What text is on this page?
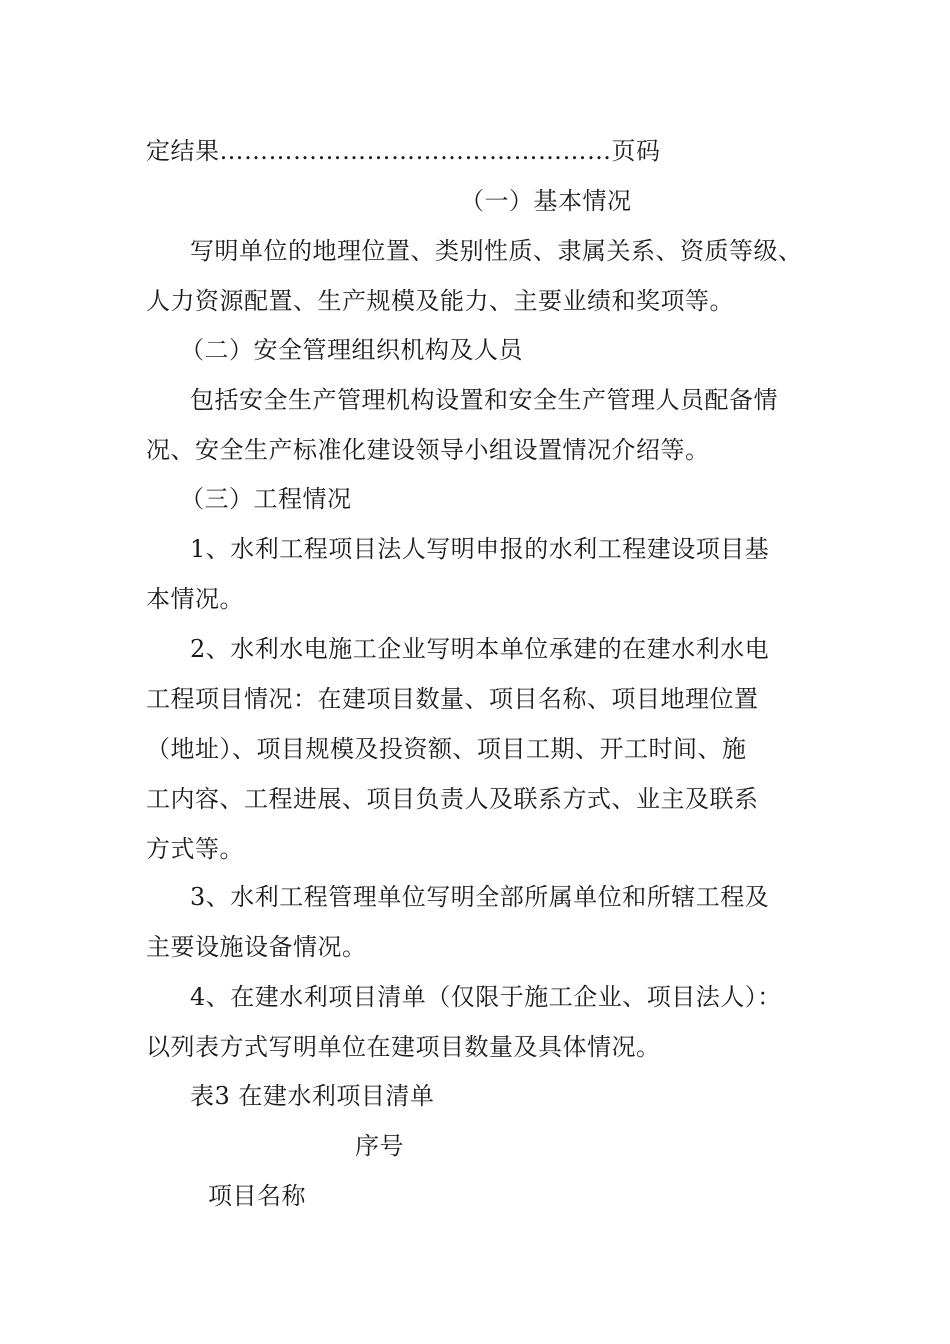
定结果…………………………………………页码
（一）基本情况
写明单位的地理位置、类别性质、隶属关系、资质等级、
人力资源配置、生产规模及能力、主要业绩和奖项等。
（二）安全管理组织机构及人员
包括安全生产管理机构设置和安全生产管理人员配备情
况、安全生产标准化建设领导小组设置情况介绍等。
（三）工程情况
1、水利工程项目法人写明申报的水利工程建设项目基
本情况。
2、水利水电施工企业写明本单位承建的在建水利水电
工程项目情况：在建项目数量、项目名称、项目地理位置
（地址）、项目规模及投资额、项目工期、开工时间、施
工内容、工程进展、项目负责人及联系方式、业主及联系
方式等。
3、水利工程管理单位写明全部所属单位和所辖工程及
主要设施设备情况。
4、在建水利项目清单（仅限于施工企业、项目法人）：
以列表方式写明单位在建项目数量及具体情况。
表3 在建水利项目清单
序号
项目名称
